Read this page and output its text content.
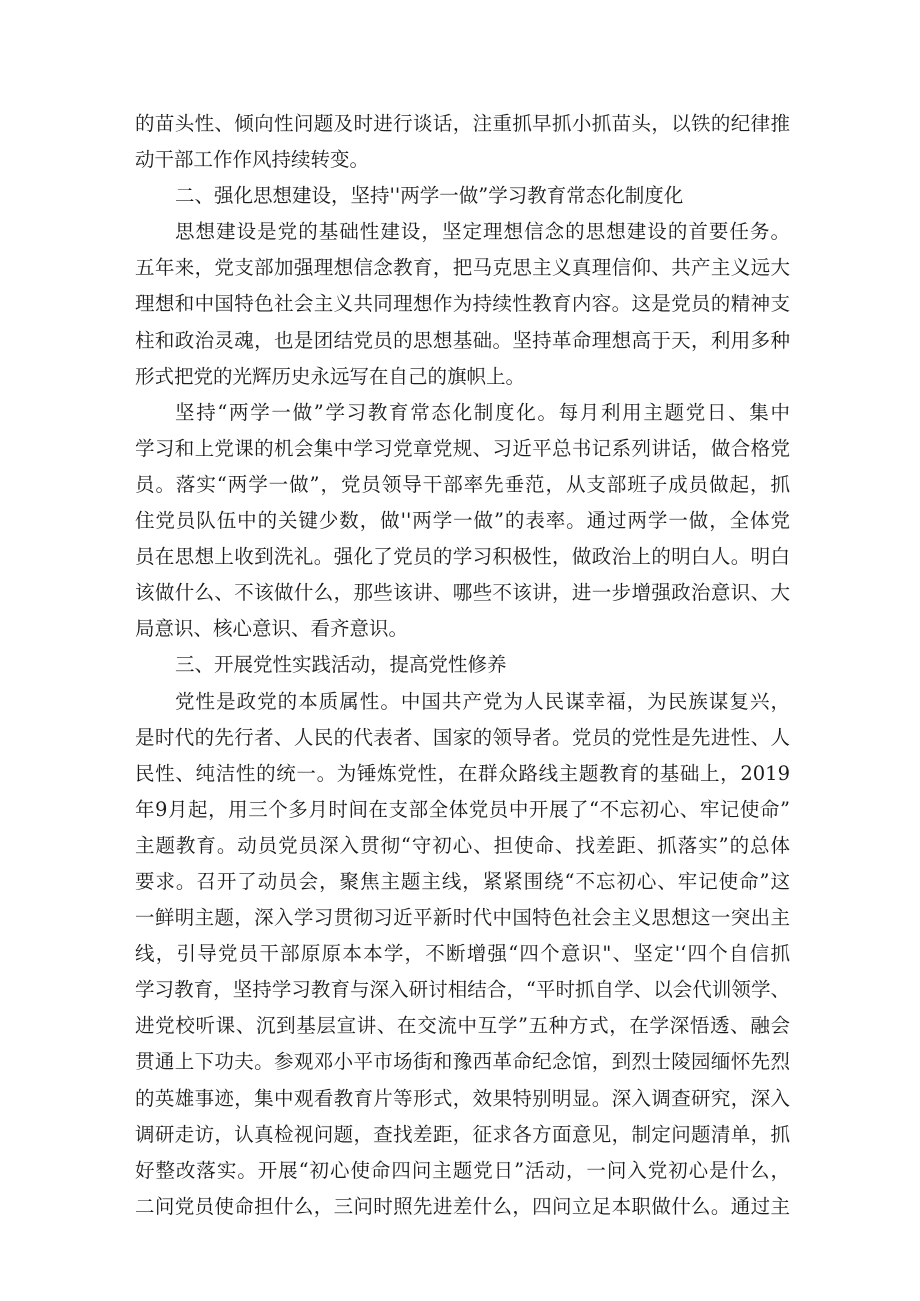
的苗头性、倾向性问题及时进行谈话，注重抓早抓小抓苗头，以铁的纪律推
动干部工作作风持续转变。
二、强化思想建设，坚持''两学一做”学习教育常态化制度化
思想建设是党的基础性建设，坚定理想信念的思想建设的首要任务。
五年来，党支部加强理想信念教育，把马克思主义真理信仰、共产主义远大
理想和中国特色社会主义共同理想作为持续性教育内容。这是党员的精神支
柱和政治灵魂，也是团结党员的思想基础。坚持革命理想高于天，利用多种
形式把党的光辉历史永远写在自己的旗帜上。
坚持“两学一做”学习教育常态化制度化。每月利用主题党日、集中
学习和上党课的机会集中学习党章党规、习近平总书记系列讲话，做合格党
员。落实“两学一做”，党员领导干部率先垂范，从支部班子成员做起，抓
住党员队伍中的关键少数，做''两学一做”的表率。通过两学一做，全体党
员在思想上收到洗礼。强化了党员的学习积极性，做政治上的明白人。明白
该做什么、不该做什么，那些该讲、哪些不该讲，进一步增强政治意识、大
局意识、核心意识、看齐意识。
三、开展党性实践活动，提高党性修养
党性是政党的本质属性。中国共产党为人民谋幸福，为民族谋复兴，
是时代的先行者、人民的代表者、国家的领导者。党员的党性是先进性、人
民性、纯洁性的统一。为锤炼党性，在群众路线主题教育的基础上，2019
年9月起，用三个多月时间在支部全体党员中开展了“不忘初心、牢记使命”
主题教育。动员党员深入贯彻“守初心、担使命、找差距、抓落实”的总体
要求。召开了动员会，聚焦主题主线，紧紧围绕“不忘初心、牢记使命”这
一鲜明主题，深入学习贯彻习近平新时代中国特色社会主义思想这一突出主
线，引导党员干部原原本本学，不断增强“四个意识"、坚定'‘四个自信抓
学习教育，坚持学习教育与深入研讨相结合，“平时抓自学、以会代训领学、
进党校听课、沉到基层宣讲、在交流中互学”五种方式，在学深悟透、融会
贯通上下功夫。参观邓小平市场街和豫西革命纪念馆，到烈士陵园缅怀先烈
的英雄事迹，集中观看教育片等形式，效果特别明显。深入调查研究，深入
调研走访，认真检视问题，查找差距，征求各方面意见，制定问题清单，抓
好整改落实。开展“初心使命四问主题党日”活动，一问入党初心是什么，
二问党员使命担什么，三问时照先进差什么，四问立足本职做什么。通过主
